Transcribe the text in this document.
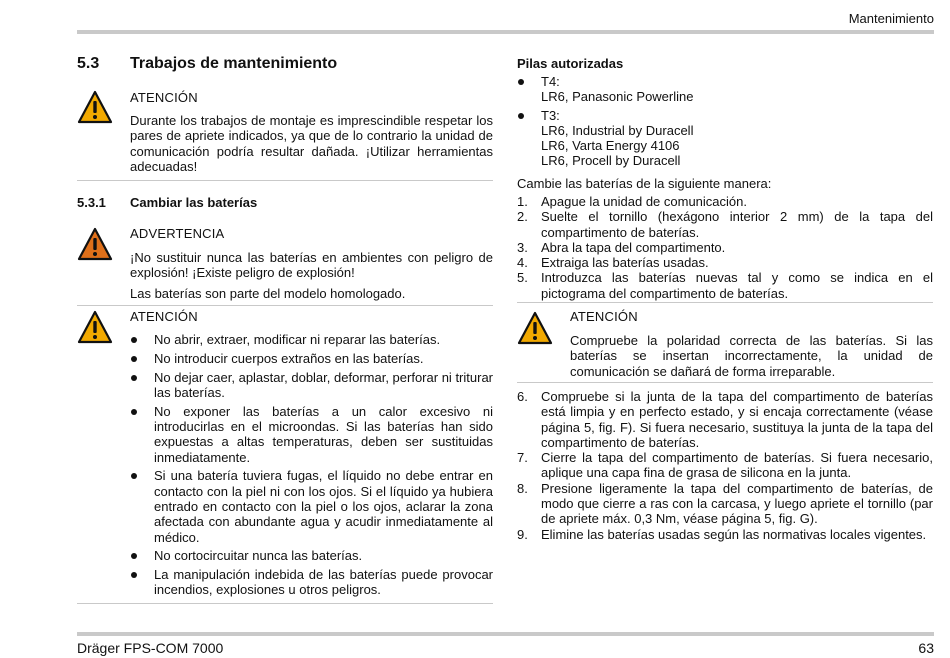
Mantenimiento
5.3 Trabajos de mantenimiento
ATENCIÓN
Durante los trabajos de montaje es imprescindible respetar los pares de apriete indicados, ya que de lo contrario la unidad de comunicación podría resultar dañada. ¡Utilizar herramientas adecuadas!
5.3.1 Cambiar las baterías
ADVERTENCIA
¡No sustituir nunca las baterías en ambientes con peligro de explosión! ¡Existe peligro de explosión!
Las baterías son parte del modelo homologado.
ATENCIÓN
No abrir, extraer, modificar ni reparar las baterías.
No introducir cuerpos extraños en las baterías.
No dejar caer, aplastar, doblar, deformar, perforar ni triturar las baterías.
No exponer las baterías a un calor excesivo ni introducirlas en el microondas. Si las baterías han sido expuestas a altas temperaturas, deben ser sustituidas inmediatamente.
Si una batería tuviera fugas, el líquido no debe entrar en contacto con la piel ni con los ojos. Si el líquido ya hubiera entrado en contacto con la piel o los ojos, aclarar la zona afectada con abundante agua y acudir inmediatamente al médico.
No cortocircuitar nunca las baterías.
La manipulación indebida de las baterías puede provocar incendios, explosiones u otros peligros.
Pilas autorizadas
T4:
LR6, Panasonic Powerline
T3:
LR6, Industrial by Duracell
LR6, Varta Energy 4106
LR6, Procell by Duracell
Cambie las baterías de la siguiente manera:
1. Apague la unidad de comunicación.
2. Suelte el tornillo (hexágono interior 2 mm) de la tapa del compartimento de baterías.
3. Abra la tapa del compartimento.
4. Extraiga las baterías usadas.
5. Introduzca las baterías nuevas tal y como se indica en el pictograma del compartimento de baterías.
ATENCIÓN
Compruebe la polaridad correcta de las baterías. Si las baterías se insertan incorrectamente, la unidad de comunicación se dañará de forma irreparable.
6. Compruebe si la junta de la tapa del compartimento de baterías está limpia y en perfecto estado, y si encaja correctamente (véase página 5, fig. F). Si fuera necesario, sustituya la junta de la tapa del compartimento de baterías.
7. Cierre la tapa del compartimento de baterías. Si fuera necesario, aplique una capa fina de grasa de silicona en la junta.
8. Presione ligeramente la tapa del compartimento de baterías, de modo que cierre a ras con la carcasa, y luego apriete el tornillo (par de apriete máx. 0,3 Nm, véase página 5, fig. G).
9. Elimine las baterías usadas según las normativas locales vigentes.
Dräger FPS-COM 7000	63
